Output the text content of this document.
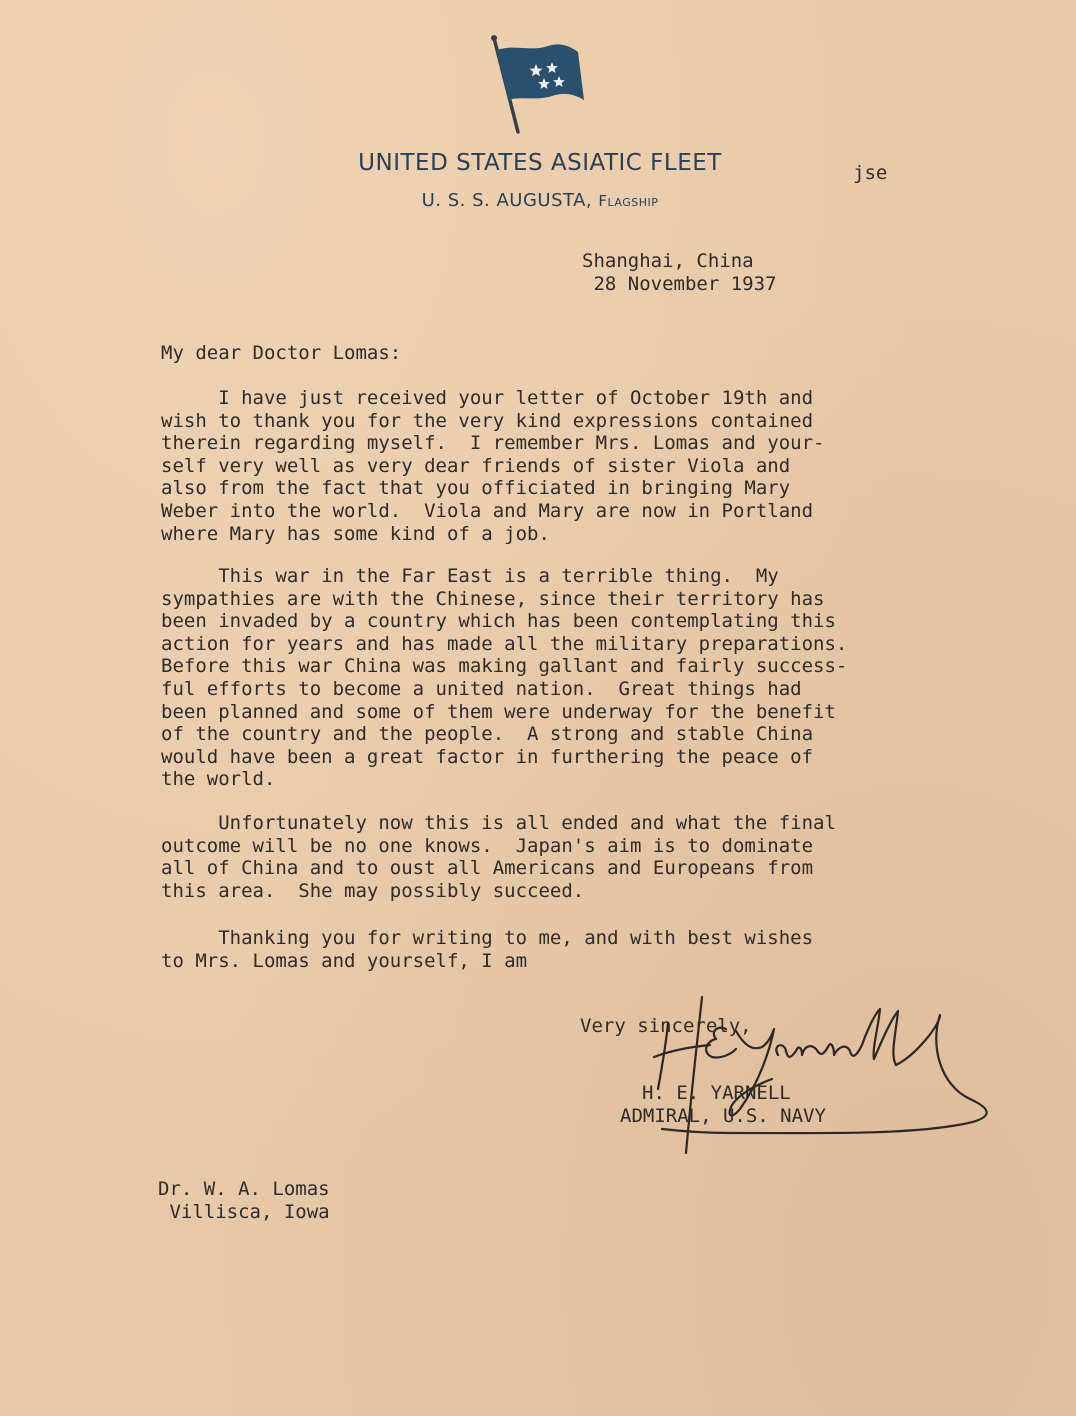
UNITED STATES ASIATIC FLEET
U. S. S. AUGUSTA, Flagship
jse
Shanghai, China
28 November 1937
My dear Doctor Lomas:
I have just received your letter of October 19th and
wish to thank you for the very kind expressions contained
therein regarding myself.  I remember Mrs. Lomas and your-
self very well as very dear friends of sister Viola and
also from the fact that you officiated in bringing Mary
Weber into the world.  Viola and Mary are now in Portland
where Mary has some kind of a job.
This war in the Far East is a terrible thing.  My
sympathies are with the Chinese, since their territory has
been invaded by a country which has been contemplating this
action for years and has made all the military preparations.
Before this war China was making gallant and fairly success-
ful efforts to become a united nation.  Great things had
been planned and some of them were underway for the benefit
of the country and the people.  A strong and stable China
would have been a great factor in furthering the peace of
the world.
Unfortunately now this is all ended and what the final
outcome will be no one knows.  Japan's aim is to dominate
all of China and to oust all Americans and Europeans from
this area.  She may possibly succeed.
Thanking you for writing to me, and with best wishes
to Mrs. Lomas and yourself, I am
Very sincerely,
H. E. YARNELL
ADMIRAL, U.S. NAVY
Dr. W. A. Lomas
Villisca, Iowa
